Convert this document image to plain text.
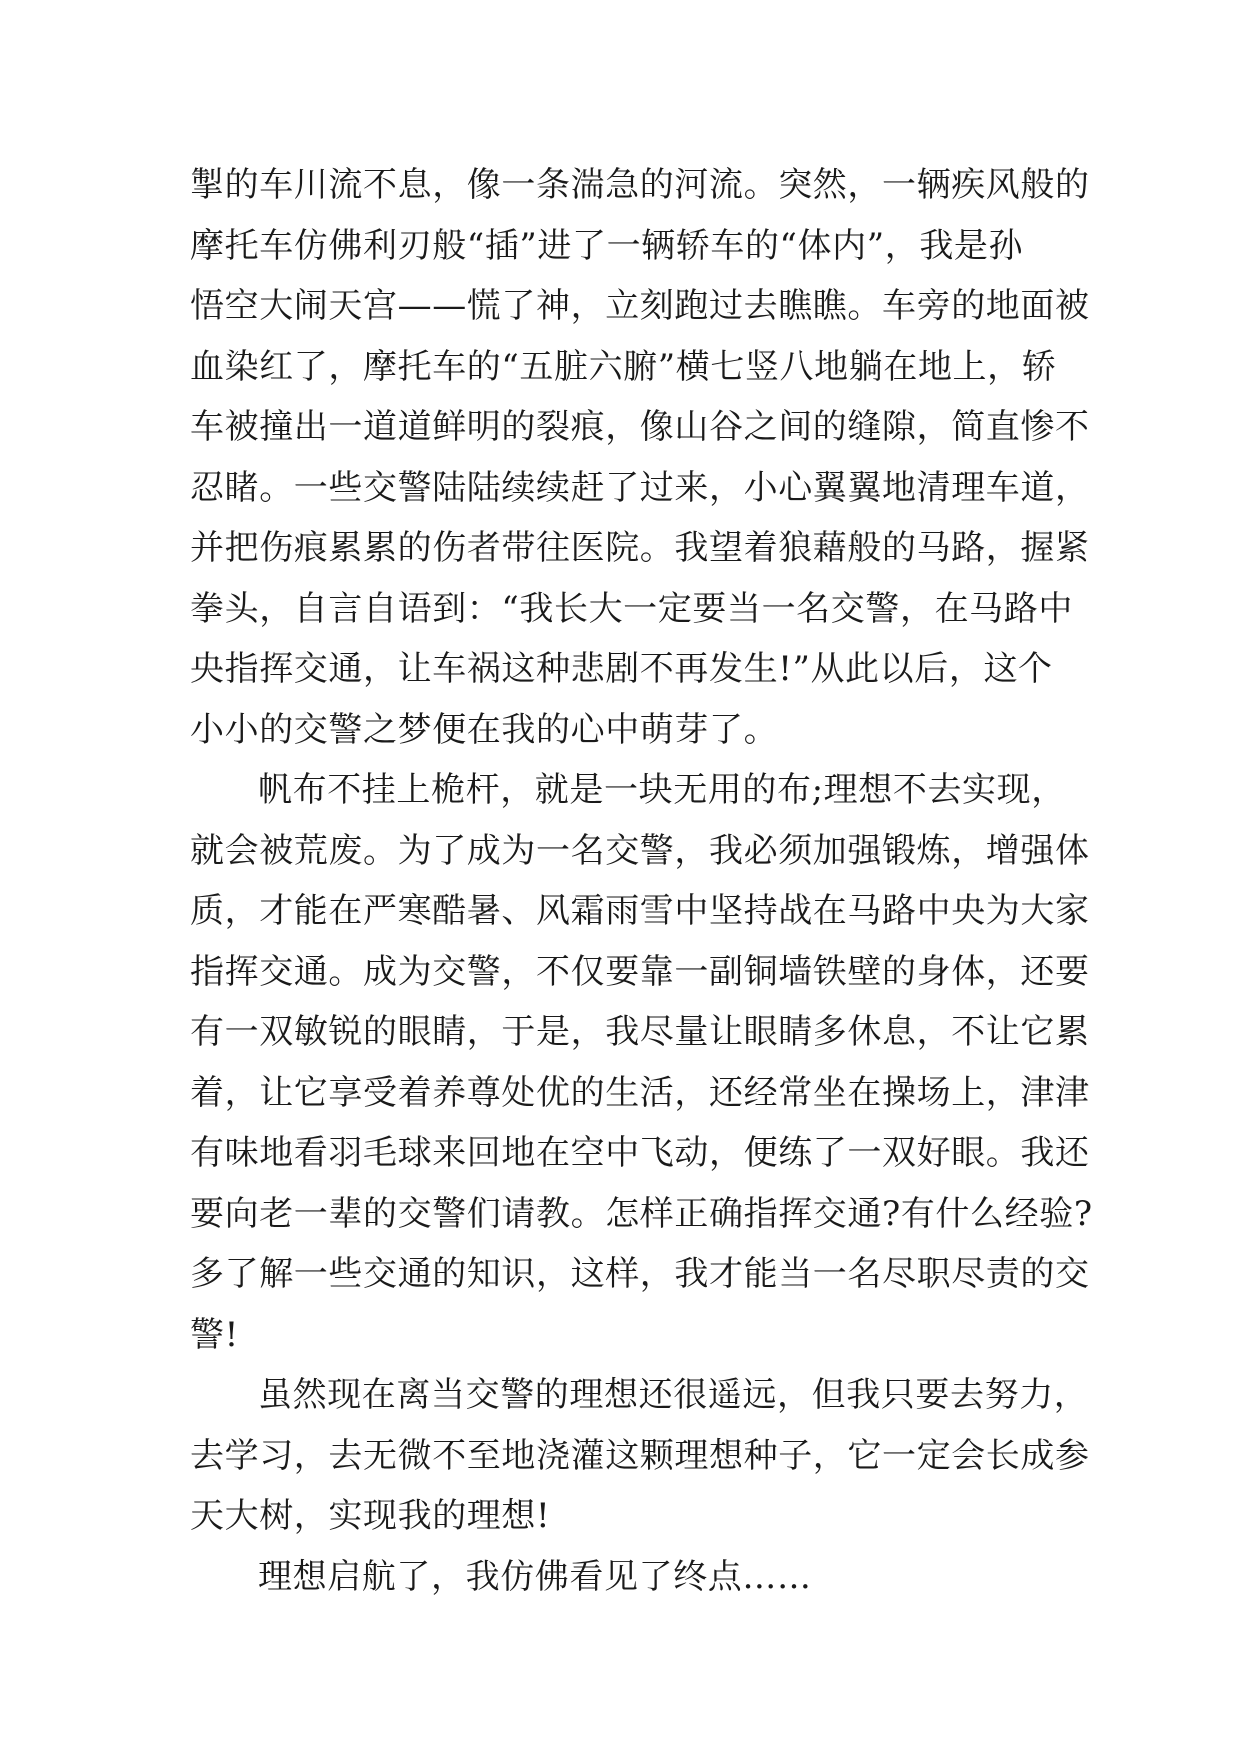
掣的车川流不息，像一条湍急的河流。突然，一辆疾风般的
摩托车仿佛利刃般“插”进了一辆轿车的“体内”，我是孙
悟空大闹天宫——慌了神，立刻跑过去瞧瞧。车旁的地面被
血染红了，摩托车的“五脏六腑”横七竖八地躺在地上，轿
车被撞出一道道鲜明的裂痕，像山谷之间的缝隙，简直惨不
忍睹。一些交警陆陆续续赶了过来，小心翼翼地清理车道，
并把伤痕累累的伤者带往医院。我望着狼藉般的马路，握紧
拳头，自言自语到：“我长大一定要当一名交警，在马路中
央指挥交通，让车祸这种悲剧不再发生!”从此以后，这个
小小的交警之梦便在我的心中萌芽了。
帆布不挂上桅杆，就是一块无用的布;理想不去实现，
就会被荒废。为了成为一名交警，我必须加强锻炼，增强体
质，才能在严寒酷暑、风霜雨雪中坚持战在马路中央为大家
指挥交通。成为交警，不仅要靠一副铜墙铁壁的身体，还要
有一双敏锐的眼睛，于是，我尽量让眼睛多休息，不让它累
着，让它享受着养尊处优的生活，还经常坐在操场上，津津
有味地看羽毛球来回地在空中飞动，便练了一双好眼。我还
要向老一辈的交警们请教。怎样正确指挥交通?有什么经验?
多了解一些交通的知识，这样，我才能当一名尽职尽责的交
警!
虽然现在离当交警的理想还很遥远，但我只要去努力，
去学习，去无微不至地浇灌这颗理想种子，它一定会长成参
天大树，实现我的理想!
理想启航了，我仿佛看见了终点……
